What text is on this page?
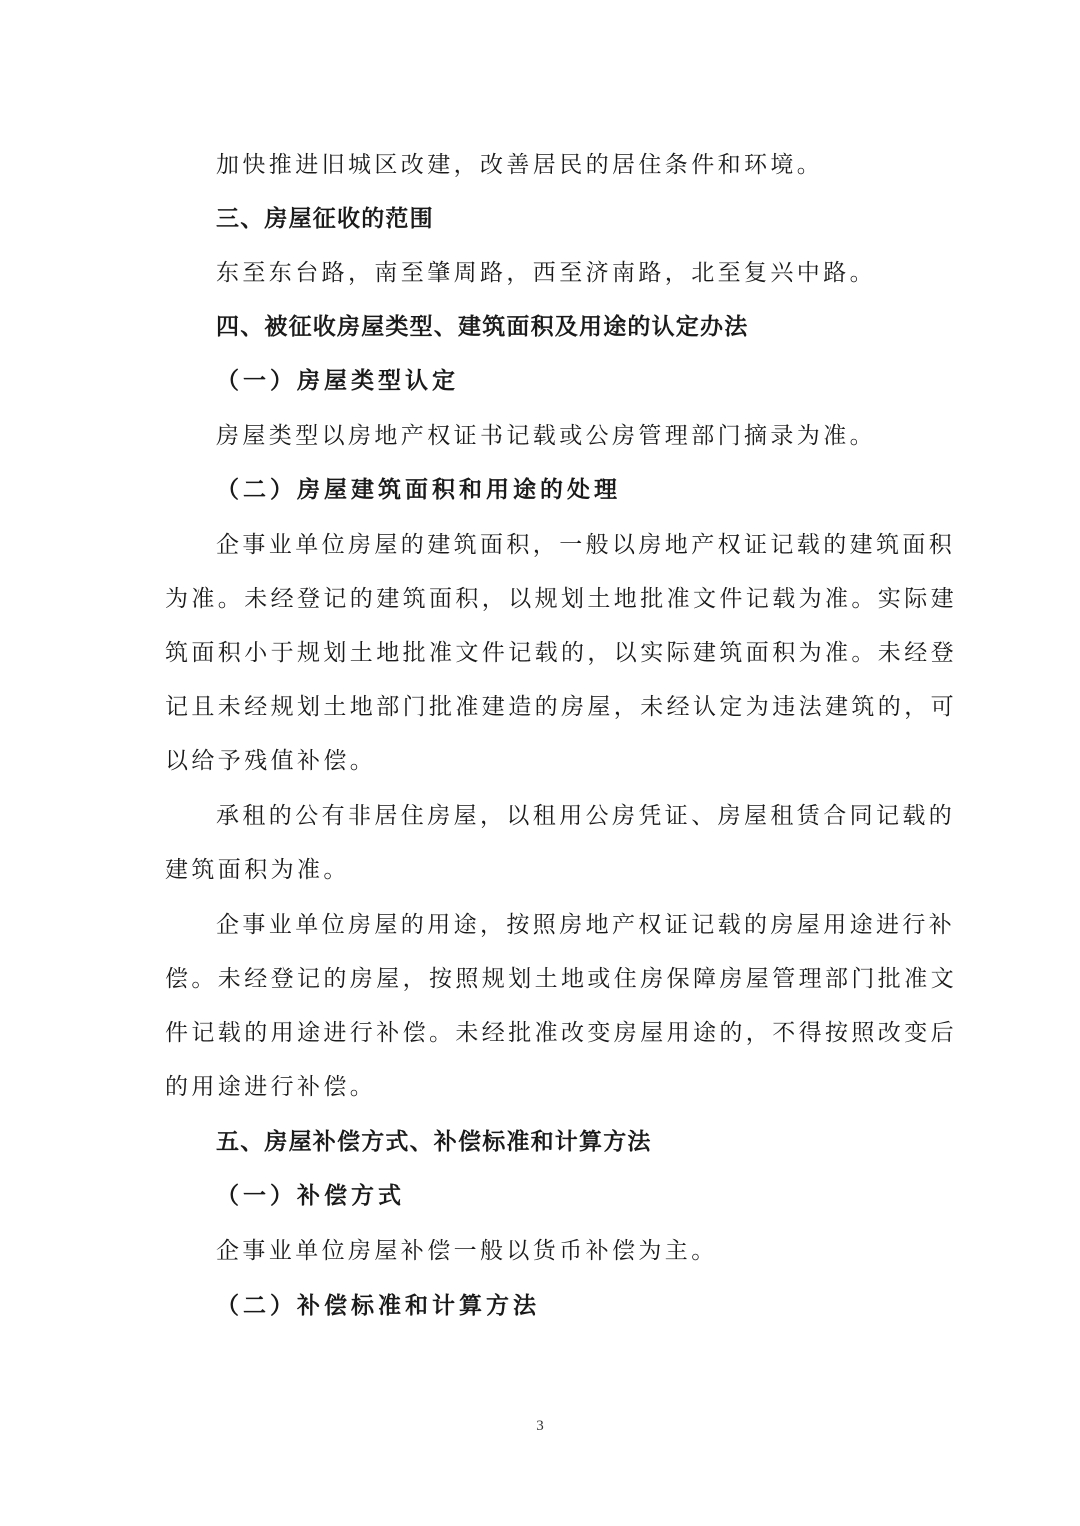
加快推进旧城区改建，改善居民的居住条件和环境。
三、房屋征收的范围
东至东台路，南至肇周路，西至济南路，北至复兴中路。
四、被征收房屋类型、建筑面积及用途的认定办法
（一）房屋类型认定
房屋类型以房地产权证书记载或公房管理部门摘录为准。
（二）房屋建筑面积和用途的处理
企事业单位房屋的建筑面积，一般以房地产权证记载的建筑面积
为准。未经登记的建筑面积，以规划土地批准文件记载为准。实际建
筑面积小于规划土地批准文件记载的，以实际建筑面积为准。未经登
记且未经规划土地部门批准建造的房屋，未经认定为违法建筑的，可
以给予残值补偿。
承租的公有非居住房屋，以租用公房凭证、房屋租赁合同记载的
建筑面积为准。
企事业单位房屋的用途，按照房地产权证记载的房屋用途进行补
偿。未经登记的房屋，按照规划土地或住房保障房屋管理部门批准文
件记载的用途进行补偿。未经批准改变房屋用途的，不得按照改变后
的用途进行补偿。
五、房屋补偿方式、补偿标准和计算方法
（一）补偿方式
企事业单位房屋补偿一般以货币补偿为主。
（二）补偿标准和计算方法
3
